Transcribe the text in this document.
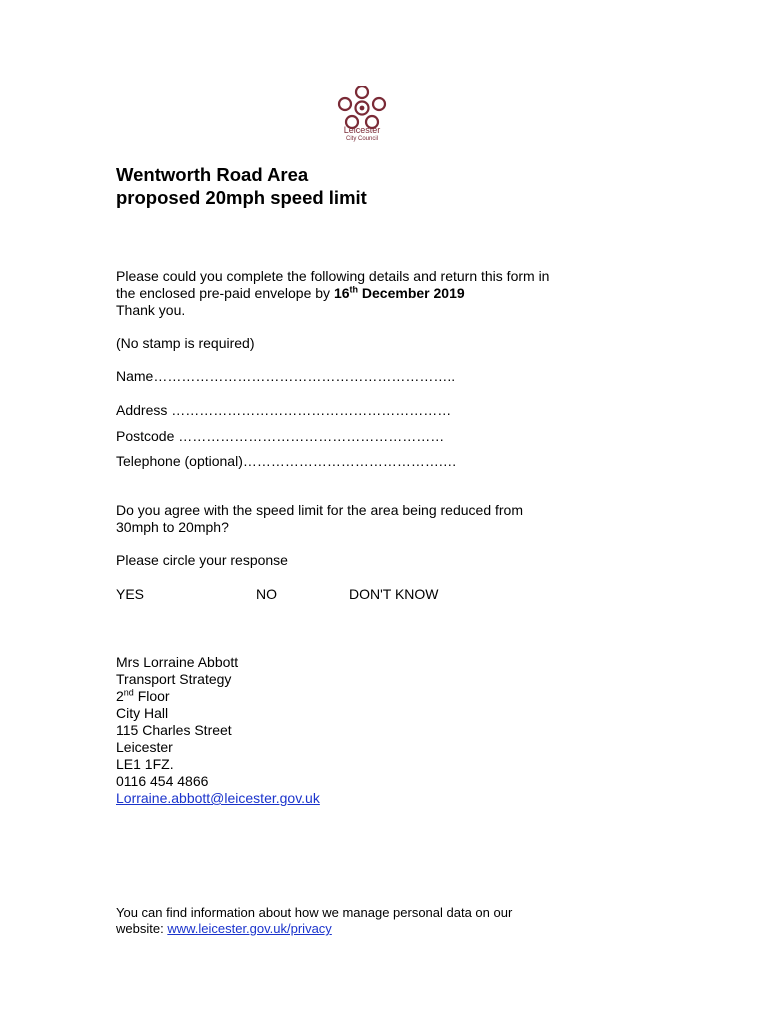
Leicester
City Council
Wentworth Road Area
proposed 20mph speed limit
Please could you complete the following details and return this form in
the enclosed pre-paid envelope by 16th December 2019
Thank you.
(No stamp is required)
Name………………………………………………………..
Address ……………………………………………………
Postcode …………………………………………………
Telephone (optional)…………………………………….…
Do you agree with the speed limit for the area being reduced from
30mph to 20mph?
Please circle your response
YES	NO	DON'T KNOW
Mrs Lorraine Abbott
Transport Strategy
2nd Floor
City Hall
115 Charles Street
Leicester
LE1 1FZ.
0116 454 4866
Lorraine.abbott@leicester.gov.uk
You can find information about how we manage personal data on our
website: www.leicester.gov.uk/privacy
